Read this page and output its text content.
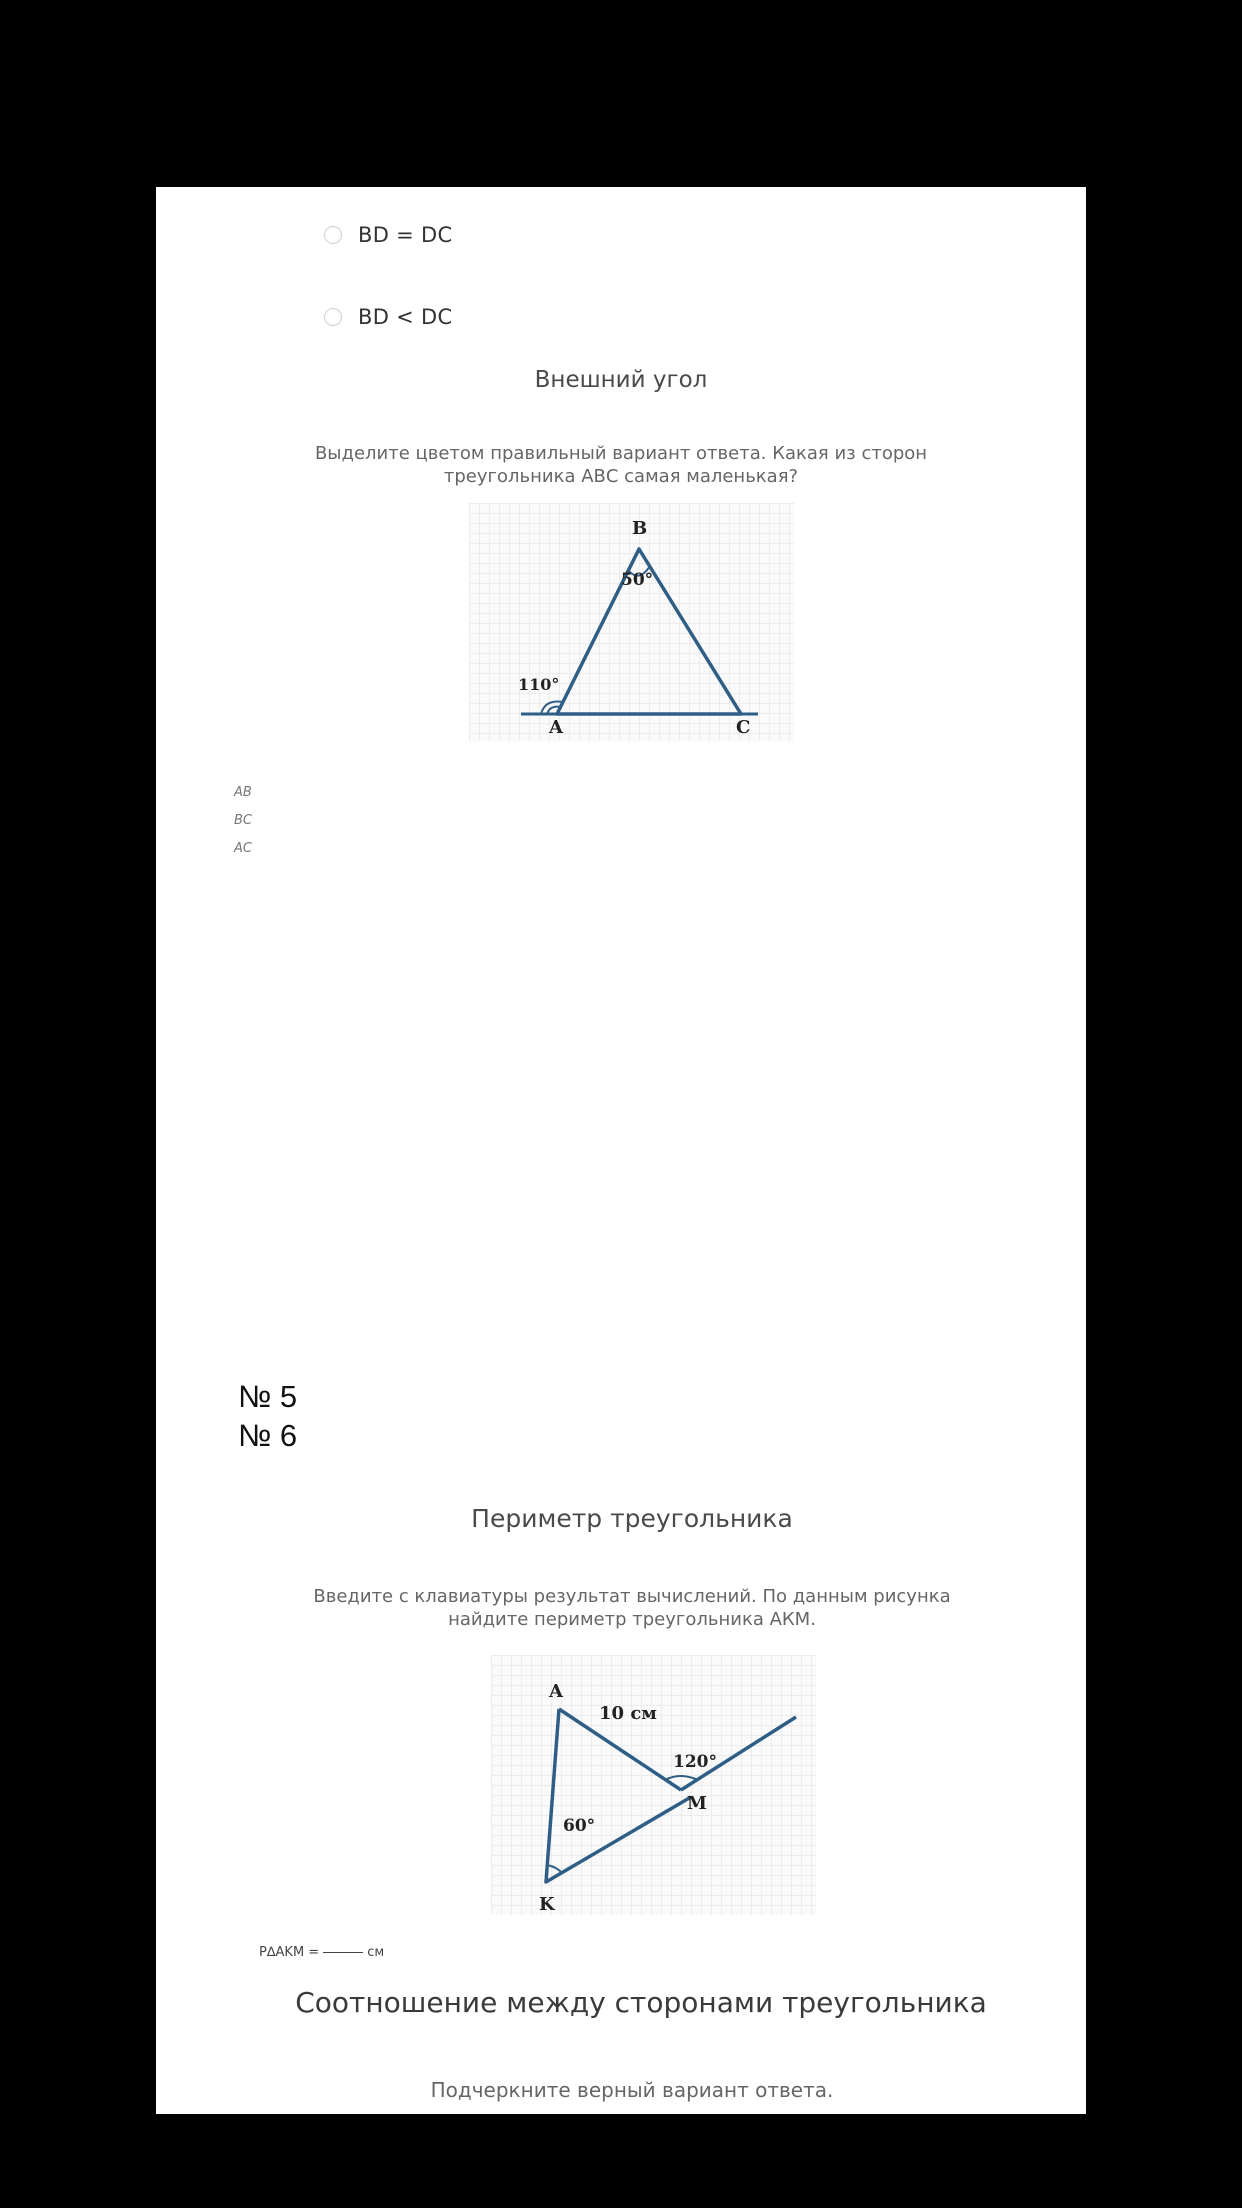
BD = DC
BD < DC
Внешний угол
Выделите цветом правильный вариант ответа. Какая из сторон
треугольника АВС самая маленькая?
B
50°
110°
A	C
AB
BC
AC
№ 5
№ 6
Периметр треугольника
Введите с клавиатуры результат вычислений. По данным рисунка
найдите периметр треугольника АКМ.
A
10 см
120°
M
60°
K
P∆AKM =	см
Соотношение между сторонами треугольника
Подчеркните верный вариант ответа.
